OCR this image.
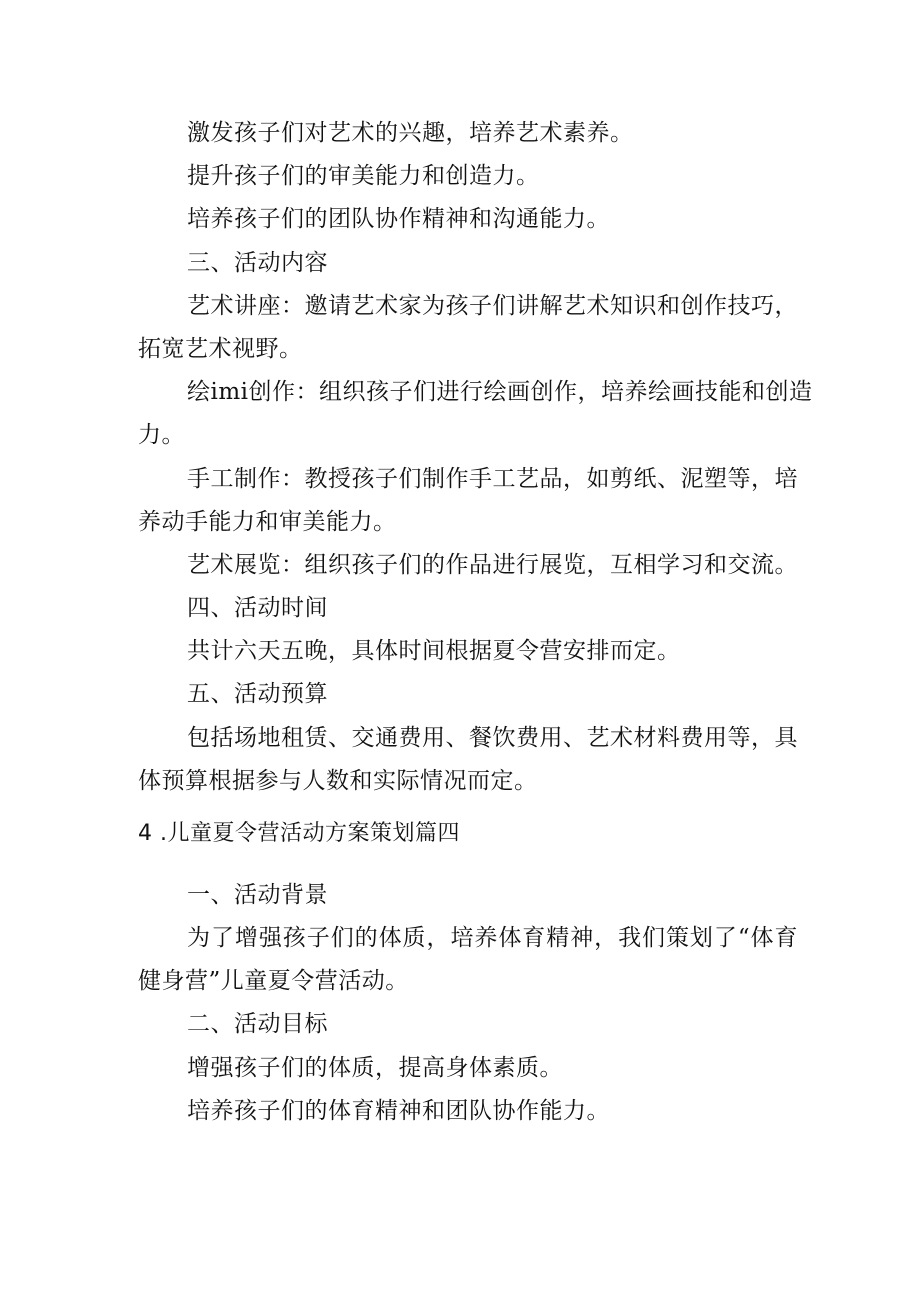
激发孩子们对艺术的兴趣，培养艺术素养。

提升孩子们的审美能力和创造力。

培养孩子们的团队协作精神和沟通能力。

三、活动内容

艺术讲座：邀请艺术家为孩子们讲解艺术知识和创作技巧，

拓宽艺术视野。

绘imi创作：组织孩子们进行绘画创作，培养绘画技能和创造

力。

手工制作：教授孩子们制作手工艺品，如剪纸、泥塑等，培

养动手能力和审美能力。

艺术展览：组织孩子们的作品进行展览，互相学习和交流。

四、活动时间

共计六天五晚，具体时间根据夏令营安排而定。

五、活动预算

包括场地租赁、交通费用、餐饮费用、艺术材料费用等，具

体预算根据参与人数和实际情况而定。

4 .儿童夏令营活动方案策划篇四

一、活动背景

为了增强孩子们的体质，培养体育精神，我们策划了“体育

健身营”儿童夏令营活动。

二、活动目标

增强孩子们的体质，提高身体素质。

培养孩子们的体育精神和团队协作能力。
